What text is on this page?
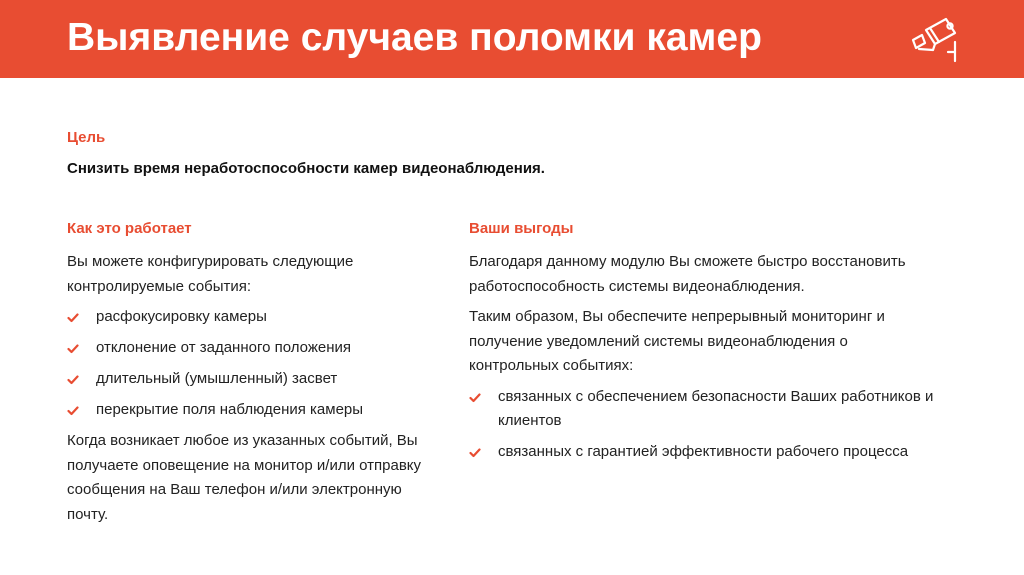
Выявление случаев поломки камер
Цель
Снизить время неработоспособности камер видеонаблюдения.
Как это работает

Вы можете конфигурировать следующие контролируемые события:

расфокусировку камеры
отклонение от заданного положения
длительный (умышленный) засвет
перекрытие поля наблюдения камеры

Когда возникает любое из указанных событий, Вы получаете оповещение на монитор и/или отправку сообщения на Ваш телефон и/или электронную почту.

Ваши выгоды

Благодаря данному модулю Вы сможете быстро восстановить работоспособность системы видеонаблюдения.

Таким образом, Вы обеспечите непрерывный мониторинг и получение уведомлений системы видеонаблюдения о контрольных событиях:

связанных с обеспечением безопасности Ваших работников и клиентов
связанных с гарантией эффективности рабочего процесса
